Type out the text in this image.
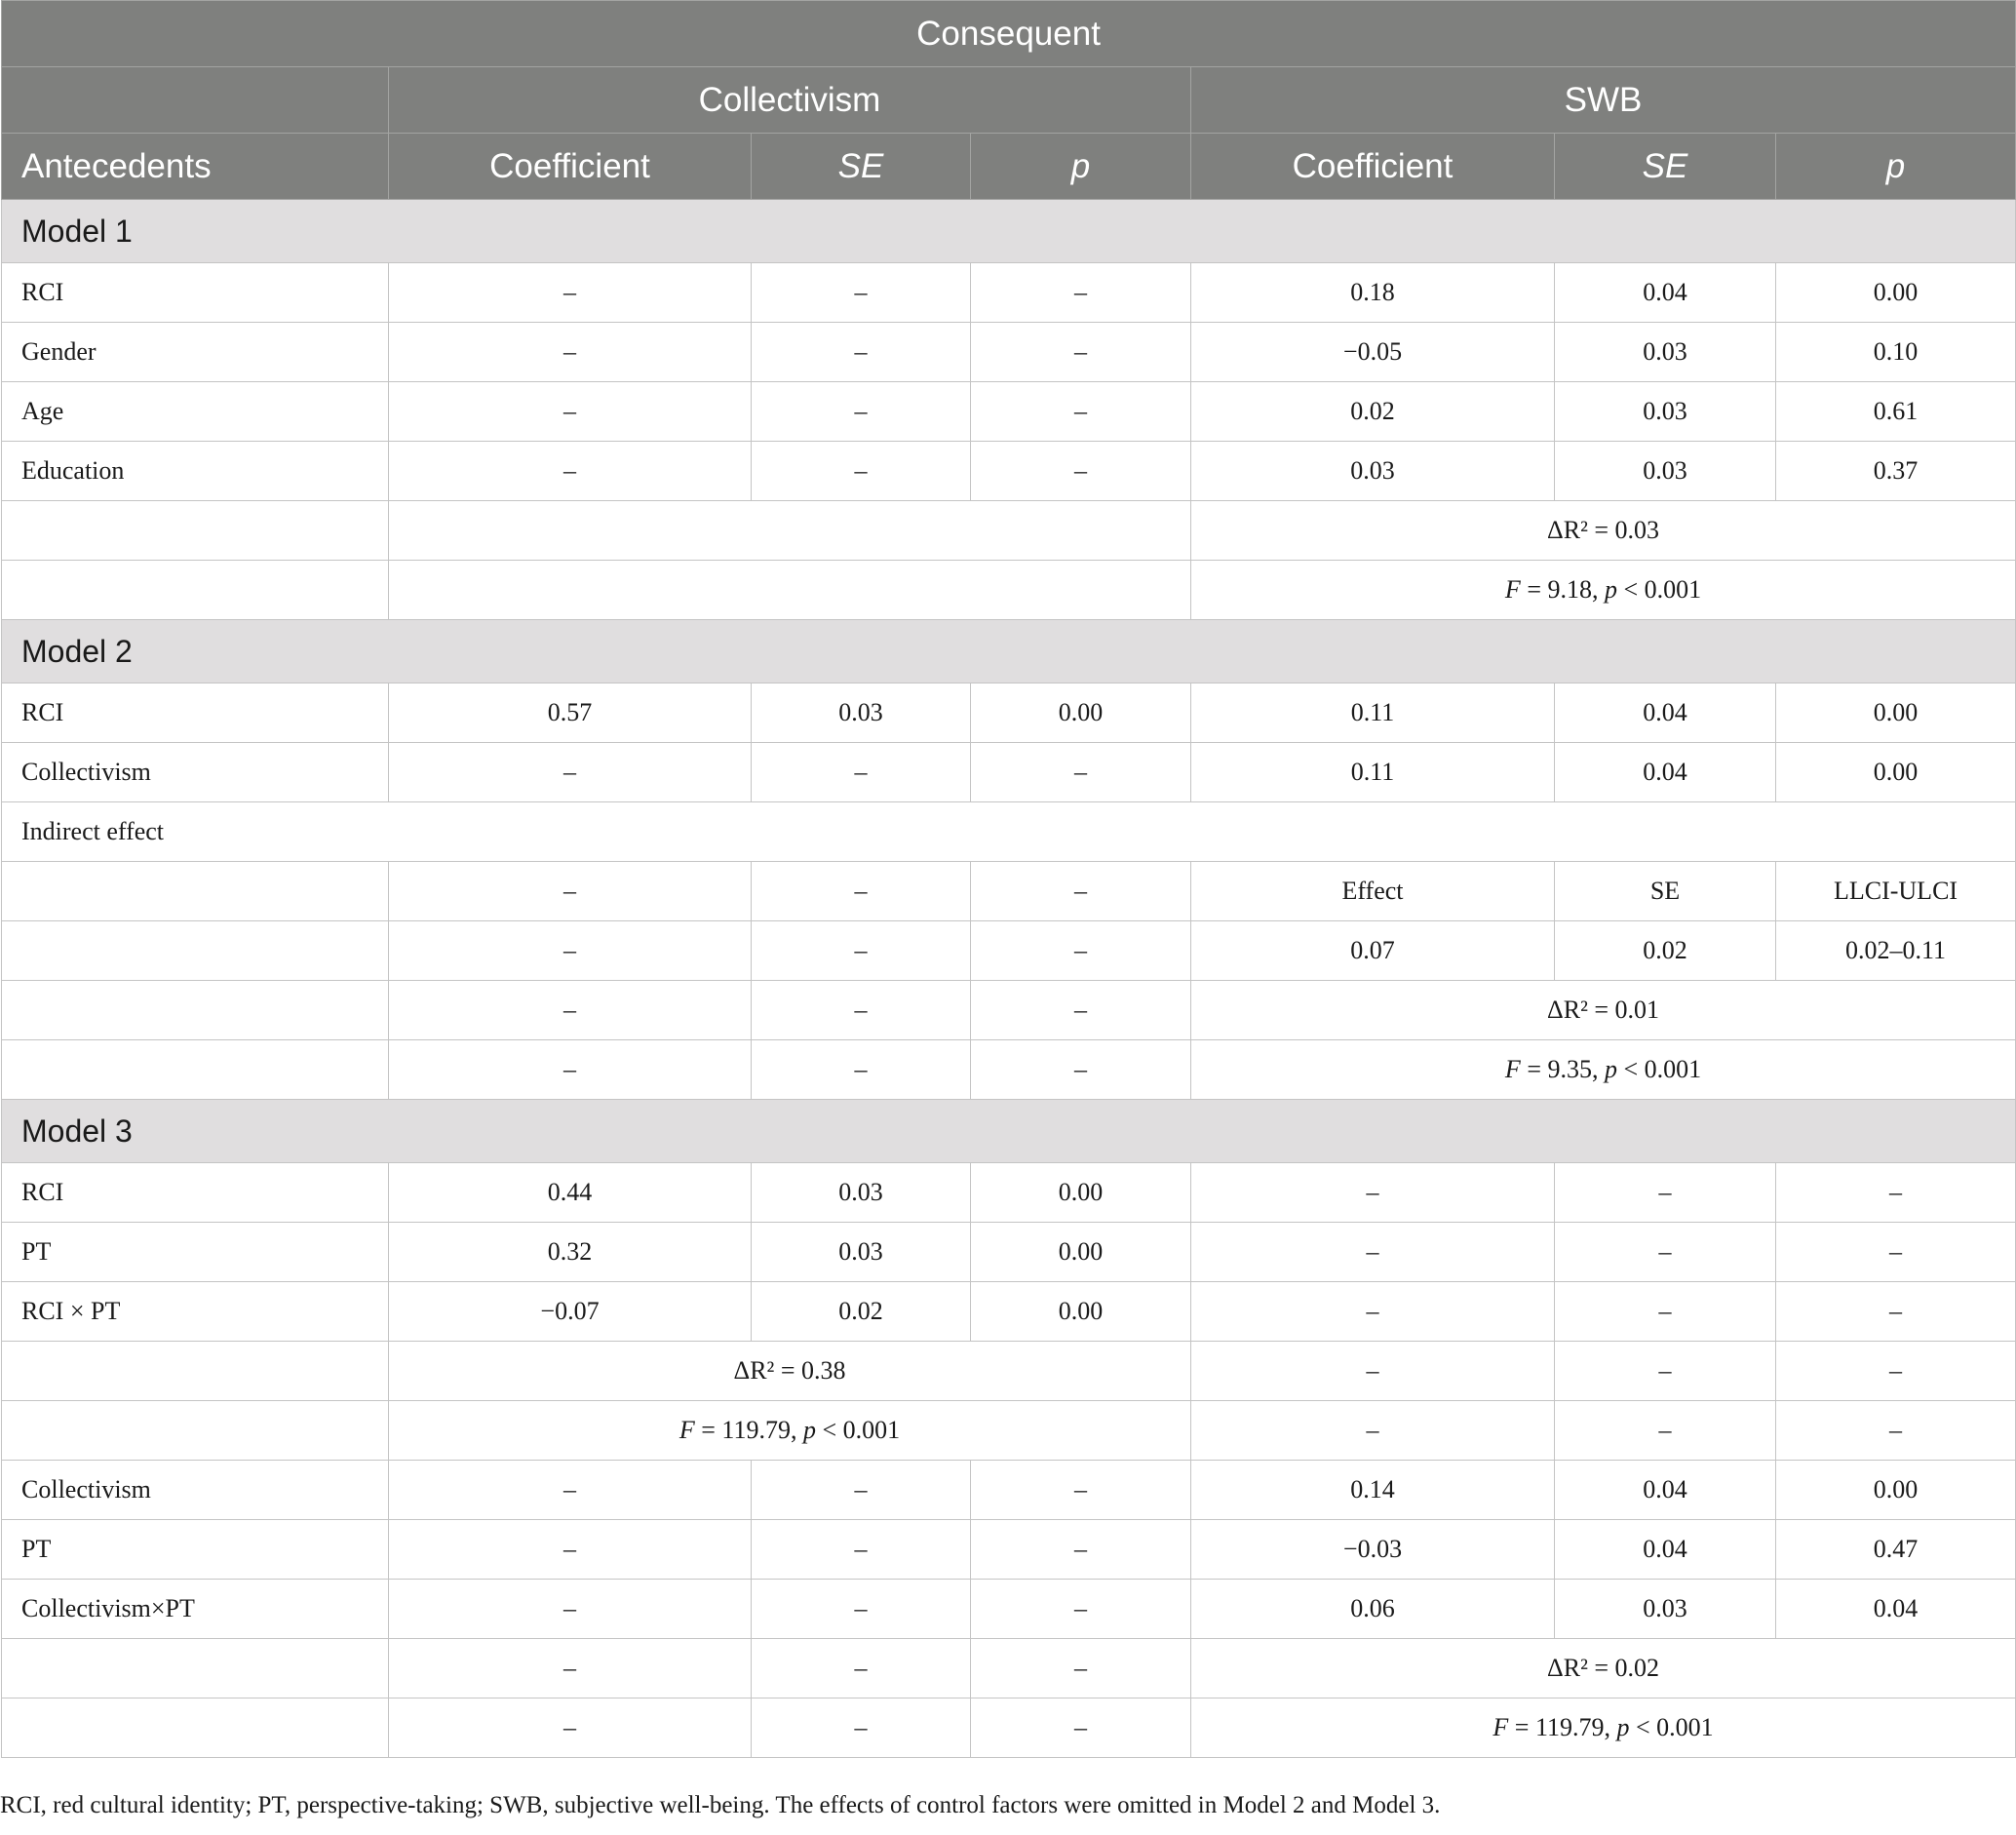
Consequent						
	Collectivism			SWB		
Antecedents	Coefficient	SE	p	Coefficient	SE	p
Model 1						
RCI	–	–	–	0.18	0.04	0.00
Gender	–	–	–	−0.05	0.03	0.10
Age	–	–	–	0.02	0.03	0.61
Education	–	–	–	0.03	0.03	0.37
				ΔR² = 0.03		
				F = 9.18, p < 0.001		
Model 2						
RCI	0.57	0.03	0.00	0.11	0.04	0.00
Collectivism	–	–	–	0.11	0.04	0.00
Indirect effect						
	–	–	–	Effect	SE	LLCI-ULCI
	–	–	–	0.07	0.02	0.02–0.11
	–	–	–	ΔR² = 0.01		
	–	–	–	F = 9.35, p < 0.001		
Model 3						
RCI	0.44	0.03	0.00	–	–	–
PT	0.32	0.03	0.00	–	–	–
RCI × PT	−0.07	0.02	0.00	–	–	–
	ΔR² = 0.38			–	–	–
	F = 119.79, p < 0.001			–	–	–
Collectivism	–	–	–	0.14	0.04	0.00
PT	–	–	–	−0.03	0.04	0.47
Collectivism×PT	–	–	–	0.06	0.03	0.04
	–	–	–	ΔR² = 0.02		
	–	–	–	F = 119.79, p < 0.001		
RCI, red cultural identity; PT, perspective-taking; SWB, subjective well-being. The effects of control factors were omitted in Model 2 and Model 3.
